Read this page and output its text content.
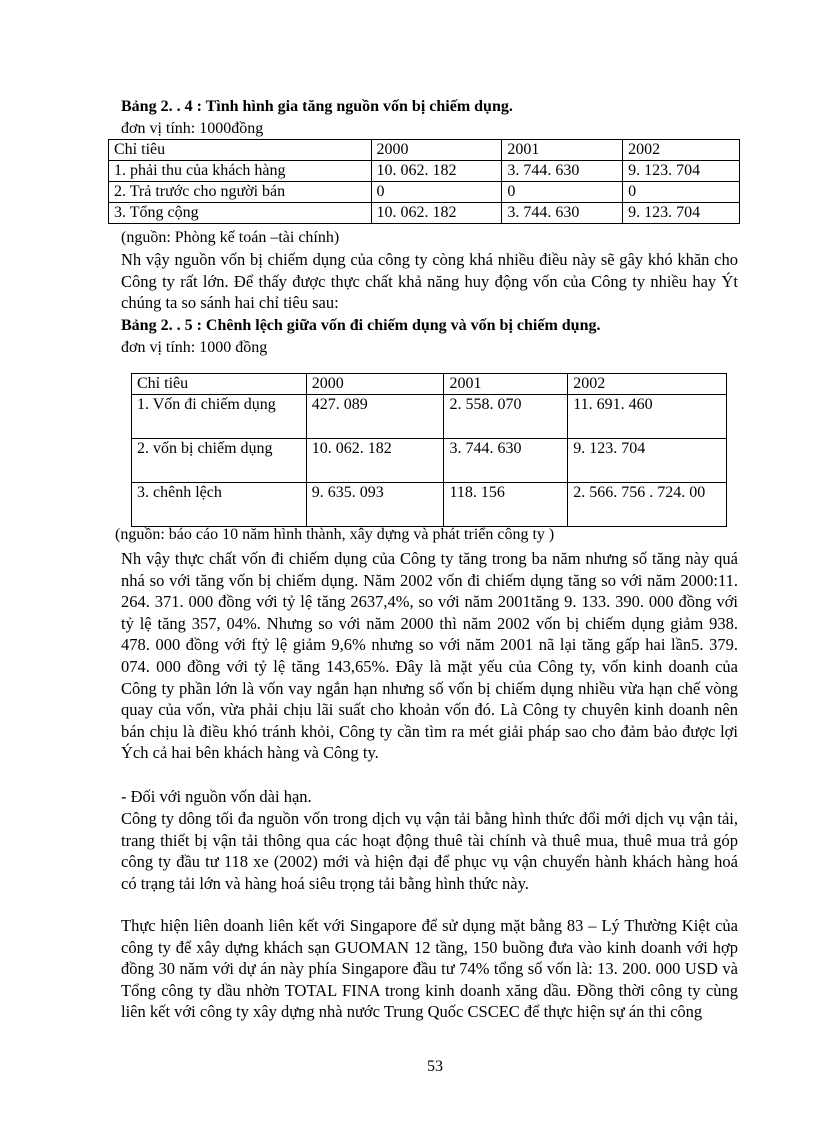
Bảng 2. . 4 : Tình hình gia tăng nguồn vốn bị chiếm dụng.
đơn vị tính: 1000đồng
Chỉ tiêu	2000	2001	2002
1. phải thu của khách hàng	10. 062. 182	3. 744. 630	9. 123. 704
2. Trả trước cho người bán	0	0	0
3. Tổng cộng	10. 062. 182	3. 744. 630	9. 123. 704
(nguồn: Phòng kế toán –tài chính)
Nh vậy nguồn vốn bị chiếm dụng của công ty còng khá nhiều điều này sẽ gây khó khăn cho Công ty rất lớn. Để thấy được thực chất khả năng huy động vốn của Công ty nhiều hay Ýt chúng ta so sánh hai chỉ tiêu sau:
Bảng 2. . 5 : Chênh lệch giữa vốn đi chiếm dụng và vốn bị chiếm dụng.
đơn vị tính: 1000 đồng
Chỉ tiêu	2000	2001	2002
1. Vốn đi chiếm dụng	427. 089	2. 558. 070	11. 691. 460
2. vốn bị chiếm dụng	10. 062. 182	3. 744. 630	9. 123. 704
3. chênh lệch	9. 635. 093	118. 156	2. 566. 756 . 724. 00
(nguồn: báo cáo 10 năm hình thành, xây dựng và phát triển công ty )
Nh vậy thực chất vốn đi chiếm dụng của Công ty tăng trong ba năm nhưng số tăng này quá nhá so với tăng vốn bị chiếm dụng. Năm 2002 vốn đi chiếm dụng tăng so với năm 2000:11. 264. 371. 000 đồng với tỷ lệ tăng 2637,4%, so với năm 2001tăng 9. 133. 390. 000 đồng với tỷ lệ tăng 357, 04%. Nhưng so với năm 2000 thì năm 2002 vốn bị chiếm dụng giảm 938. 478. 000 đồng với ftỷ lệ giảm 9,6% nhưng so với năm 2001 nã lại tăng gấp hai lần5. 379. 074. 000 đồng với tỷ lệ tăng 143,65%. Đây là mặt yếu của Công ty, vốn kinh doanh của Công ty phần lớn là vốn vay ngắn hạn nhưng số vốn bị chiếm dụng nhiều vừa hạn chế vòng quay của vốn, vừa phải chịu lãi suất cho khoản vốn đó. Là Công ty chuyên kinh doanh nên bán chịu là điều khó tránh khỏi, Công ty cần tìm ra mét giải pháp sao cho đảm bảo được lợi Ých cả hai bên khách hàng và Công ty.
- Đối với nguồn vốn dài hạn.
Công ty dông tối đa nguồn vốn trong dịch vụ vận tải bằng hình thức đổi mới dịch vụ vận tải, trang thiết bị vận tải thông qua các hoạt động thuê tài chính và thuê mua, thuê mua trả góp công ty đầu tư 118 xe (2002) mới và hiện đại để phục vụ vận chuyển hành khách hàng hoá có trạng tải lớn và hàng hoá siêu trọng tải bằng hình thức này.
Thực hiện liên doanh liên kết với Singapore để sử dụng mặt bằng 83 – Lý Thường Kiệt của công ty để xây dựng khách sạn GUOMAN 12 tầng, 150 buồng đưa vào kinh doanh với hợp đồng 30 năm với dự án này phía Singapore đầu tư 74% tổng số vốn là: 13. 200. 000 USD và Tổng công ty dầu nhờn TOTAL FINA trong kinh doanh xăng dầu. Đồng thời công ty cùng liên kết với công ty xây dựng nhà nước Trung Quốc CSCEC để thực hiện sự án thi công
53
